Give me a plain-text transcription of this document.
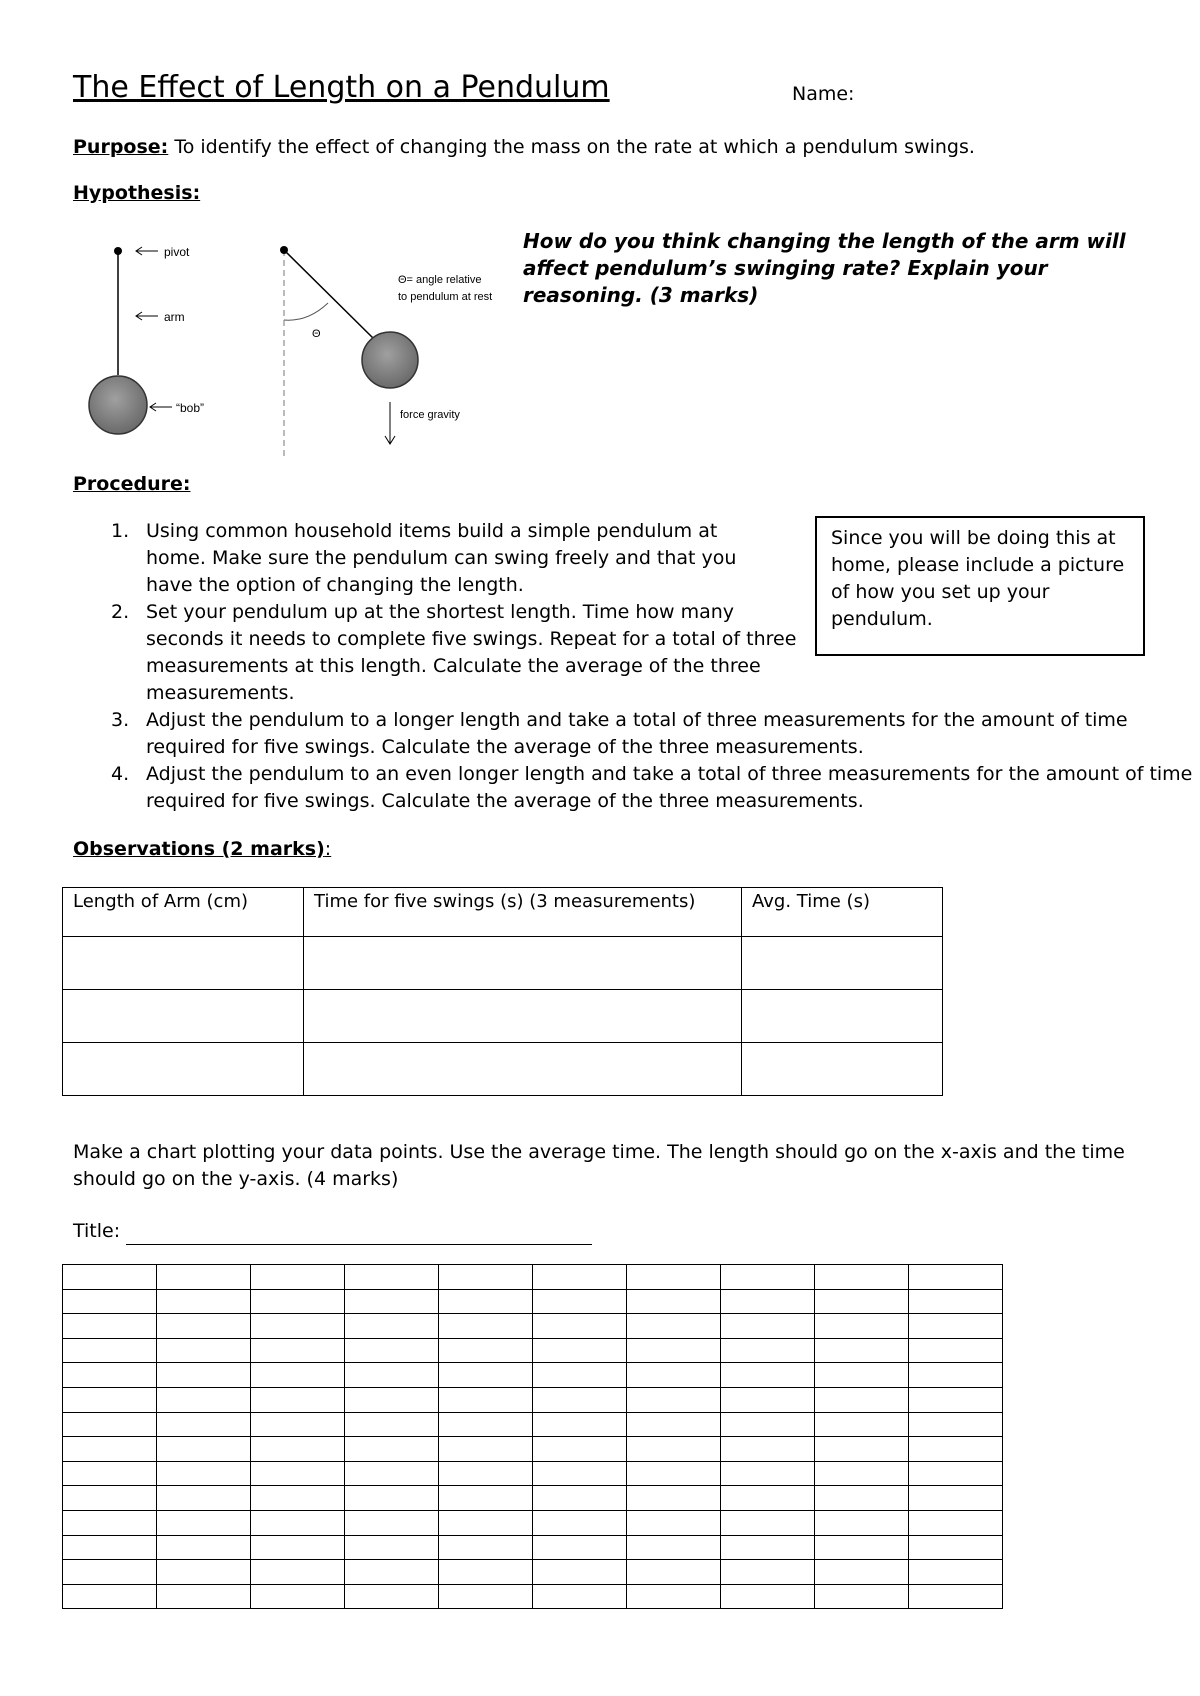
The Effect of Length on a Pendulum	Name:
Purpose: To identify the effect of changing the mass on the rate at which a pendulum swings.
Hypothesis:
pivot
arm
“bob”
Θ
Θ= angle relative
to pendulum at rest
force gravity
How do you think changing the length of the arm will affect pendulum’s swinging rate? Explain your reasoning. (3 marks)
Procedure:
1. Using common household items build a simple pendulum at home. Make sure the pendulum can swing freely and that you have the option of changing the length.
2. Set your pendulum up at the shortest length. Time how many seconds it needs to complete five swings. Repeat for a total of three measurements at this length. Calculate the average of the three measurements.
3. Adjust the pendulum to a longer length and take a total of three measurements for the amount of time required for five swings. Calculate the average of the three measurements.
4. Adjust the pendulum to an even longer length and take a total of three measurements for the amount of time required for five swings. Calculate the average of the three measurements.
Since you will be doing this at home, please include a picture of how you set up your pendulum.
Observations (2 marks):
Length of Arm (cm)	Time for five swings (s) (3 measurements)	Avg. Time (s)

Make a chart plotting your data points. Use the average time. The length should go on the x-axis and the time should go on the y-axis. (4 marks)
Title:
